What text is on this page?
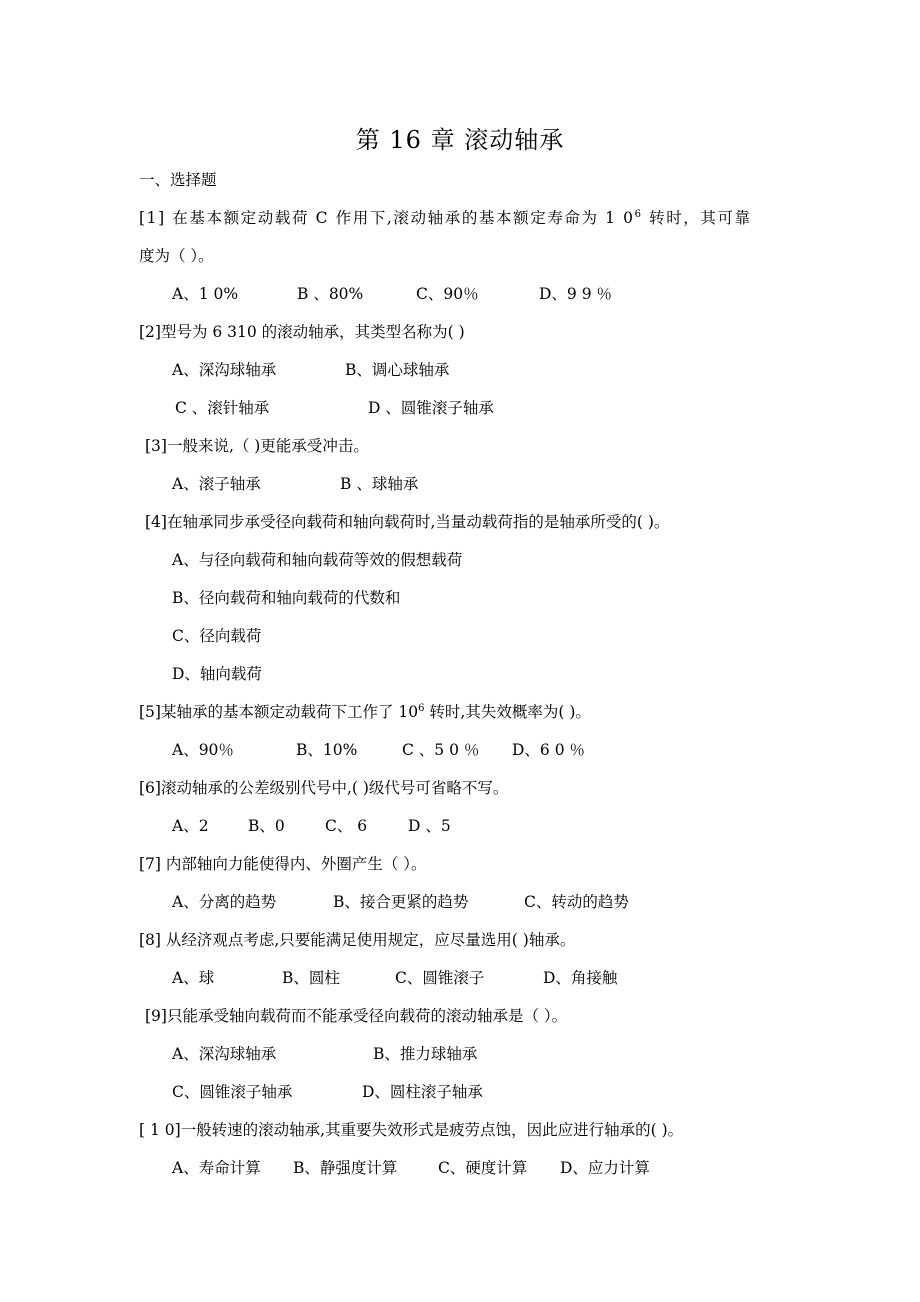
第 16 章 滚动轴承
一、选择题
[1] 在基本额定动载荷 C 作用下,滚动轴承的基本额定寿命为 1 $0^6$ 转时，其可靠
度为（ ）。
A、1 0%	B 、80%	C、90％	D、9 9 ％
[2]型号为 6 310 的滚动轴承，其类型名称为( )
A、深沟球轴承	B、调心球轴承
C 、滚针轴承	D 、圆锥滚子轴承
[3]一般来说,（ )更能承受冲击。
A、滚子轴承	B 、球轴承
[4]在轴承同步承受径向载荷和轴向载荷时,当量动载荷指的是轴承所受的( )。
A、与径向载荷和轴向载荷等效的假想载荷
B、径向载荷和轴向载荷的代数和
C、径向载荷
D、轴向载荷
[5]某轴承的基本额定动载荷下工作了 $10^6$ 转时,其失效概率为( )。
A、90％	B、10%	C 、5 0 ％ D、6 0 ％
[6]滚动轴承的公差级别代号中,( )级代号可省略不写。
A、2	B、0	C、 6	D 、5
[7] 内部轴向力能使得内、外圈产生（ ）。
A、分离的趋势	B、接合更紧的趋势	C、转动的趋势
[8] 从经济观点考虑,只要能满足使用规定，应尽量选用( )轴承。
A、球	B、圆柱	C、圆锥滚子	D、角接触
[9]只能承受轴向载荷而不能承受径向载荷的滚动轴承是（ ）。
A、深沟球轴承	B、推力球轴承
C、圆锥滚子轴承	D、圆柱滚子轴承
[ 1 0]一般转速的滚动轴承,其重要失效形式是疲劳点蚀，因此应进行轴承的( )。
A、寿命计算 B、静强度计算	C、硬度计算 D、应力计算
